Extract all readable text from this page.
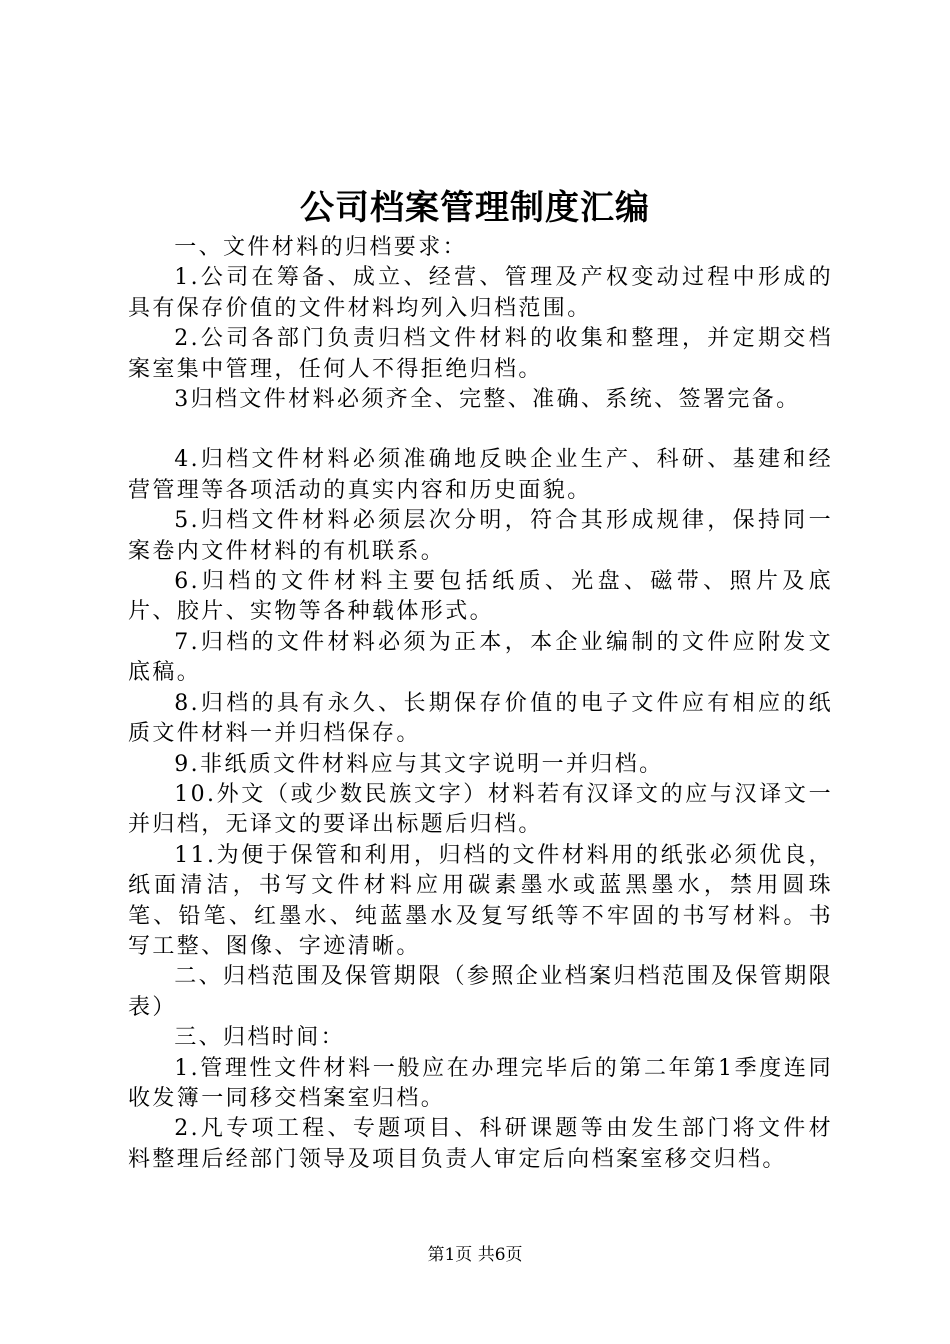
公司档案管理制度汇编

一、文件材料的归档要求：

1.公司在筹备、成立、经营、管理及产权变动过程中形成的具有保存价值的文件材料均列入归档范围。

2.公司各部门负责归档文件材料的收集和整理，并定期交档案室集中管理，任何人不得拒绝归档。

3归档文件材料必须齐全、完整、准确、系统、签署完备。

4.归档文件材料必须准确地反映企业生产、科研、基建和经营管理等各项活动的真实内容和历史面貌。

5.归档文件材料必须层次分明，符合其形成规律，保持同一案卷内文件材料的有机联系。

6.归档的文件材料主要包括纸质、光盘、磁带、照片及底片、胶片、实物等各种载体形式。

7.归档的文件材料必须为正本，本企业编制的文件应附发文底稿。

8.归档的具有永久、长期保存价值的电子文件应有相应的纸质文件材料一并归档保存。

9.非纸质文件材料应与其文字说明一并归档。

10.外文（或少数民族文字）材料若有汉译文的应与汉译文一并归档，无译文的要译出标题后归档。

11.为便于保管和利用，归档的文件材料用的纸张必须优良，纸面清洁，书写文件材料应用碳素墨水或蓝黑墨水，禁用圆珠笔、铅笔、红墨水、纯蓝墨水及复写纸等不牢固的书写材料。书写工整、图像、字迹清晰。

二、归档范围及保管期限（参照企业档案归档范围及保管期限表）

三、归档时间：

1.管理性文件材料一般应在办理完毕后的第二年第1季度连同收发簿一同移交档案室归档。

2.凡专项工程、专题项目、科研课题等由发生部门将文件材料整理后经部门领导及项目负责人审定后向档案室移交归档。

第1页 共6页
